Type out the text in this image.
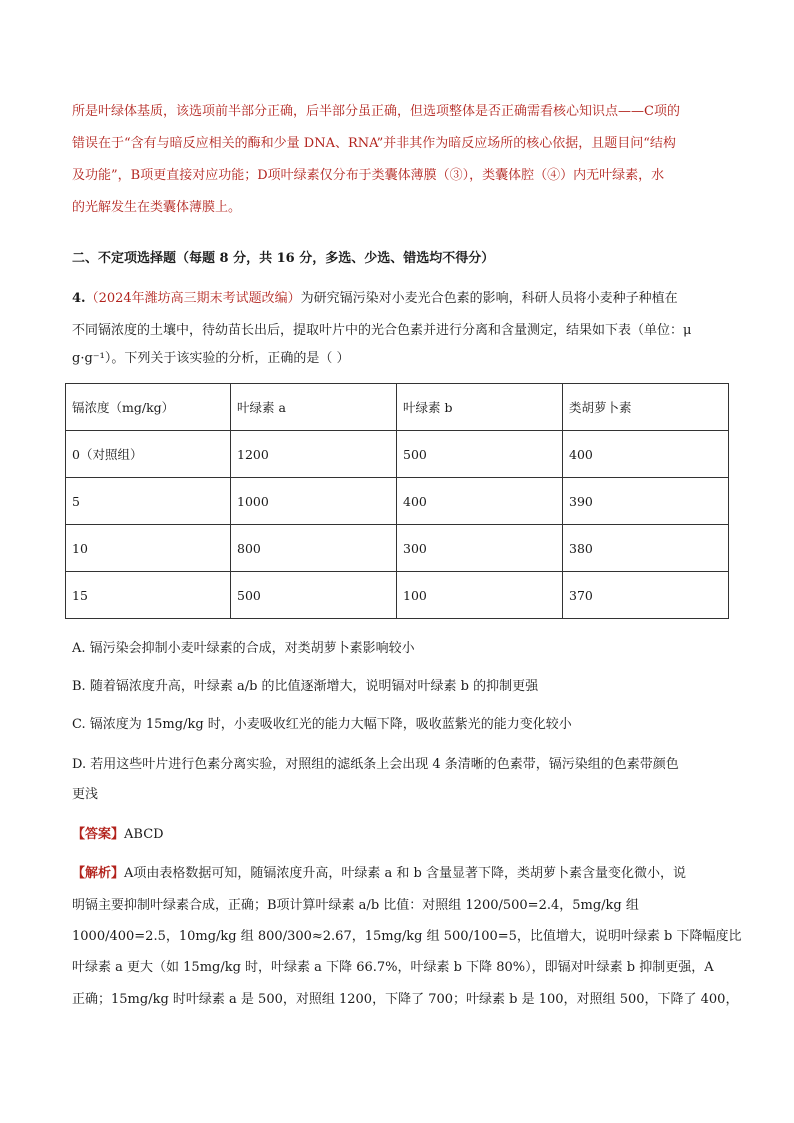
所是叶绿体基质，该选项前半部分正确，后半部分虽正确，但选项整体是否正确需看核心知识点——C项的
错误在于“含有与暗反应相关的酶和少量 DNA、RNA”并非其作为暗反应场所的核心依据，且题目问“结构
及功能”，B项更直接对应功能；D项叶绿素仅分布于类囊体薄膜（③），类囊体腔（④）内无叶绿素，水
的光解发生在类囊体薄膜上。
二、不定项选择题（每题 8 分，共 16 分，多选、少选、错选均不得分）
4.（2024年潍坊高三期末考试题改编）为研究镉污染对小麦光合色素的影响，科研人员将小麦种子种植在
不同镉浓度的土壤中，待幼苗长出后，提取叶片中的光合色素并进行分离和含量测定，结果如下表（单位：μ
g·g⁻¹）。下列关于该实验的分析，正确的是（ ）
镉浓度（mg/kg）	叶绿素 a	叶绿素 b	类胡萝卜素
0（对照组）	1200	500	400
5	1000	400	390
10	800	300	380
15	500	100	370
A. 镉污染会抑制小麦叶绿素的合成，对类胡萝卜素影响较小
B. 随着镉浓度升高，叶绿素 a/b 的比值逐渐增大，说明镉对叶绿素 b 的抑制更强
C. 镉浓度为 15mg/kg 时，小麦吸收红光的能力大幅下降，吸收蓝紫光的能力变化较小
D. 若用这些叶片进行色素分离实验，对照组的滤纸条上会出现 4 条清晰的色素带，镉污染组的色素带颜色
更浅
【答案】ABCD
【解析】A项由表格数据可知，随镉浓度升高，叶绿素 a 和 b 含量显著下降，类胡萝卜素含量变化微小，说
明镉主要抑制叶绿素合成，正确；B项计算叶绿素 a/b 比值：对照组 1200/500=2.4，5mg/kg 组
1000/400=2.5，10mg/kg 组 800/300≈2.67，15mg/kg 组 500/100=5，比值增大，说明叶绿素 b 下降幅度比
叶绿素 a 更大（如 15mg/kg 时，叶绿素 a 下降 66.7%，叶绿素 b 下降 80%），即镉对叶绿素 b 抑制更强，A
正确；15mg/kg 时叶绿素 a 是 500，对照组 1200，下降了 700；叶绿素 b 是 100，对照组 500，下降了 400，
